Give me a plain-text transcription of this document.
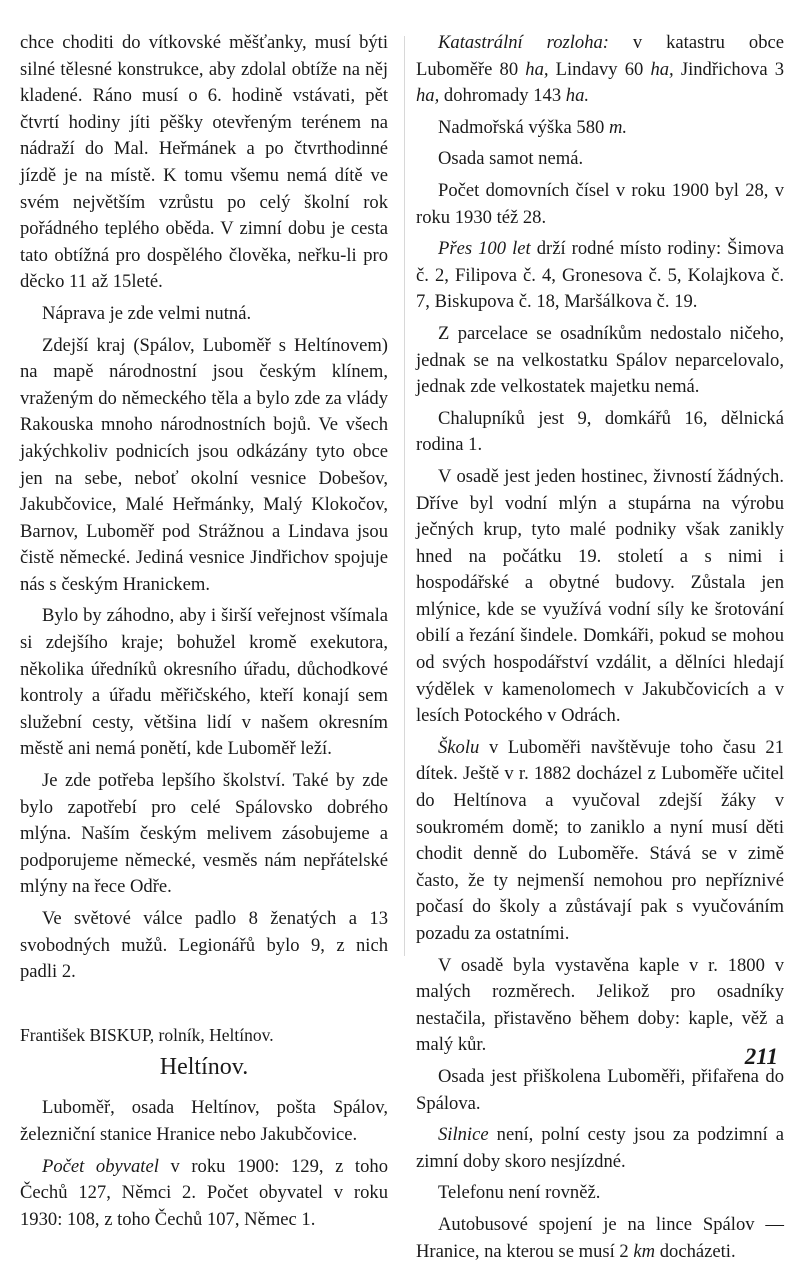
chce choditi do vítkovské měšťanky, musí býti silné tělesné konstrukce, aby zdolal obtíže na něj kladené. Ráno musí o 6. hodině vstávati, pět čtvrtí hodiny jíti pěšky otevřeným terénem na nádraží do Mal. Heřmánek a po čtvrthodinné jízdě je na místě. K tomu všemu nemá dítě ve svém největším vzrůstu po celý školní rok pořádného teplého oběda. V zimní dobu je cesta tato obtížná pro dospělého člověka, neřku-li pro děcko 11 až 15leté.

Náprava je zde velmi nutná.

Zdejší kraj (Spálov, Luboměř s Heltínovem) na mapě národnostní jsou českým klínem, vraženým do německého těla a bylo zde za vlády Rakouska mnoho národnostních bojů. Ve všech jakýchkoliv podnicích jsou odkázány tyto obce jen na sebe, neboť okolní vesnice Dobešov, Jakubčovice, Malé Heřmánky, Malý Klokočov, Barnov, Luboměř pod Strážnou a Lindava jsou čistě německé. Jediná vesnice Jindřichov spojuje nás s českým Hranickem.

Bylo by záhodno, aby i širší veřejnost všímala si zdejšího kraje; bohužel kromě exekutora, několika úředníků okresního úřadu, důchodkové kontroly a úřadu měřičského, kteří konají sem služební cesty, většina lidí v našem okresním městě ani nemá ponětí, kde Luboměř leží.

Je zde potřeba lepšího školství. Také by zde bylo zapotřebí pro celé Spálovsko dobrého mlýna. Naším českým melivem zásobujeme a podporujeme německé, vesměs nám nepřátelské mlýny na řece Odře.

Ve světové válce padlo 8 ženatých a 13 svobodných mužů. Legionářů bylo 9, z nich padli 2.

František BISKUP, rolník, Heltínov.

Heltínov.

Luboměř, osada Heltínov, pošta Spálov, železniční stanice Hranice nebo Jakubčovice.

Počet obyvatel v roku 1900: 129, z toho Čechů 127, Němci 2. Počet obyvatel v roku 1930: 108, z toho Čechů 107, Němec 1.

Katastrální rozloha: v katastru obce Luboměře 80 ha, Lindavy 60 ha, Jindřichova 3 ha, dohromady 143 ha.

Nadmořská výška 580 m.

Osada samot nemá.

Počet domovních čísel v roku 1900 byl 28, v roku 1930 též 28.

Přes 100 let drží rodné místo rodiny: Šimova č. 2, Filipova č. 4, Gronesova č. 5, Kolajkova č. 7, Biskupova č. 18, Maršálkova č. 19.

Z parcelace se osadníkům nedostalo ničeho, jednak se na velkostatku Spálov neparcelovalo, jednak zde velkostatek majetku nemá.

Chalupníků jest 9, domkářů 16, dělnická rodina 1.

V osadě jest jeden hostinec, živností žádných. Dříve byl vodní mlýn a stupárna na výrobu ječných krup, tyto malé podniky však zanikly hned na počátku 19. století a s nimi i hospodářské a obytné budovy. Zůstala jen mlýnice, kde se využívá vodní síly ke šrotování obilí a řezání šindele. Domkáři, pokud se mohou od svých hospodářství vzdálit, a dělníci hledají výdělek v kamenolomech v Jakubčovicích a v lesích Potockého v Odrách.

Školu v Luboměři navštěvuje toho času 21 dítek. Ještě v r. 1882 docházel z Luboměře učitel do Heltínova a vyučoval zdejší žáky v soukromém domě; to zaniklo a nyní musí děti chodit denně do Luboměře. Stává se v zimě často, že ty nejmenší nemohou pro nepříznivé počasí do školy a zůstávají pak s vyučováním pozadu za ostatními.

V osadě byla vystavěna kaple v r. 1800 v malých rozměrech. Jelikož pro osadníky nestačila, přistavěno během doby: kaple, věž a malý kůr.

Osada jest přiškolena Luboměři, přifařena do Spálova.

Silnice není, polní cesty jsou za podzimní a zimní doby skoro nesjízdné.

Telefonu není rovněž.

Autobusové spojení je na lince Spálov — Hranice, na kterou se musí 2 km docházeti.

211
